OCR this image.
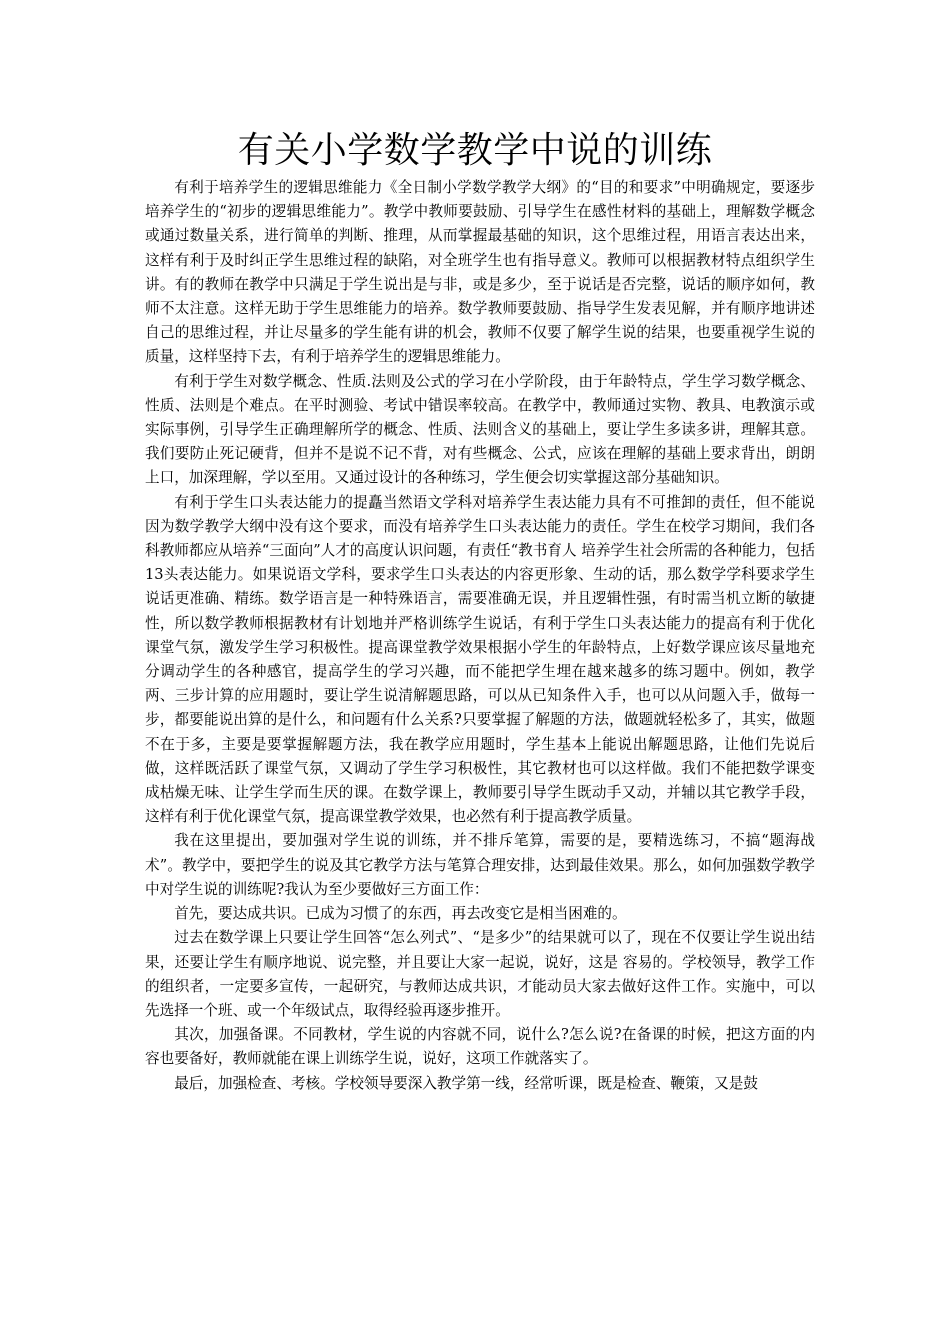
有关小学数学教学中说的训练

有利于培养学生的逻辑思维能力《全日制小学数学教学大纲》的“目的和要求”中明确规定，要逐步培养学生的“初步的逻辑思维能力”。教学中教师要鼓励、引导学生在感性材料的基础上，理解数学概念或通过数量关系，进行简单的判断、推理，从而掌握最基础的知识，这个思维过程，用语言表达出来，这样有利于及时纠正学生思维过程的缺陷，对全班学生也有指导意义。教师可以根据教材特点组织学生讲。有的教师在教学中只满足于学生说出是与非，或是多少，至于说话是否完整，说话的顺序如何，教师不太注意。这样无助于学生思维能力的培养。数学教师要鼓励、指导学生发表见解，并有顺序地讲述自己的思维过程，并让尽量多的学生能有讲的机会，教师不仅要了解学生说的结果，也要重视学生说的质量，这样坚持下去，有利于培养学生的逻辑思维能力。

有利于学生对数学概念、性质.法则及公式的学习在小学阶段，由于年龄特点，学生学习数学概念、性质、法则是个难点。在平时测验、考试中错误率较高。在教学中，教师通过实物、教具、电教演示或实际事例，引导学生正确理解所学的概念、性质、法则含义的基础上，要让学生多读多讲，理解其意。我们要防止死记硬背，但并不是说不记不背，对有些概念、公式，应该在理解的基础上要求背出，朗朗上口，加深理解，学以至用。又通过设计的各种练习，学生便会切实掌握这部分基础知识。

有利于学生口头表达能力的提矗当然语文学科对培养学生表达能力具有不可推卸的责任，但不能说因为数学教学大纲中没有这个要求，而没有培养学生口头表达能力的责任。学生在校学习期间，我们各科教师都应从培养“三面向”人才的高度认识问题，有责任“教书育人 培养学生社会所需的各种能力，包括13头表达能力。如果说语文学科，要求学生口头表达的内容更形象、生动的话，那么数学学科要求学生说话更准确、精练。数学语言是一种特殊语言，需要准确无误，并且逻辑性强，有时需当机立断的敏捷性，所以数学教师根据教材有计划地并严格训练学生说话，有利于学生口头表达能力的提高有利于优化课堂气氛，激发学生学习积极性。提高课堂教学效果根据小学生的年龄特点，上好数学课应该尽量地充分调动学生的各种感官，提高学生的学习兴趣，而不能把学生埋在越来越多的练习题中。例如，教学两、三步计算的应用题时，要让学生说清解题思路，可以从已知条件入手，也可以从问题入手，做每一步，都要能说出算的是什么，和问题有什么关系?只要掌握了解题的方法，做题就轻松多了，其实，做题不在于多，主要是要掌握解题方法，我在教学应用题时，学生基本上能说出解题思路，让他们先说后做，这样既活跃了课堂气氛，又调动了学生学习积极性，其它教材也可以这样做。我们不能把数学课变成枯燥无味、让学生学而生厌的课。在数学课上，教师要引导学生既动手又动，并辅以其它教学手段，这样有利于优化课堂气氛，提高课堂教学效果，也必然有利于提高教学质量。

我在这里提出，要加强对学生说的训练，并不排斥笔算，需要的是，要精选练习，不搞“题海战术”。教学中，要把学生的说及其它教学方法与笔算合理安排，达到最佳效果。那么，如何加强数学教学中对学生说的训练呢?我认为至少要做好三方面工作：

首先，要达成共识。已成为习惯了的东西，再去改变它是相当困难的。

过去在数学课上只要让学生回答“怎么列式”、“是多少”的结果就可以了，现在不仅要让学生说出结果，还要让学生有顺序地说、说完整，并且要让大家一起说，说好，这是 容易的。学校领导，教学工作的组织者，一定要多宣传，一起研究，与教师达成共识，才能动员大家去做好这件工作。实施中，可以先选择一个班、或一个年级试点，取得经验再逐步推开。

其次，加强备课。不同教材，学生说的内容就不同，说什么?怎么说?在备课的时候，把这方面的内容也要备好，教师就能在课上训练学生说，说好，这项工作就落实了。

最后，加强检查、考核。学校领导要深入教学第一线，经常听课，既是检查、鞭策，又是鼓
